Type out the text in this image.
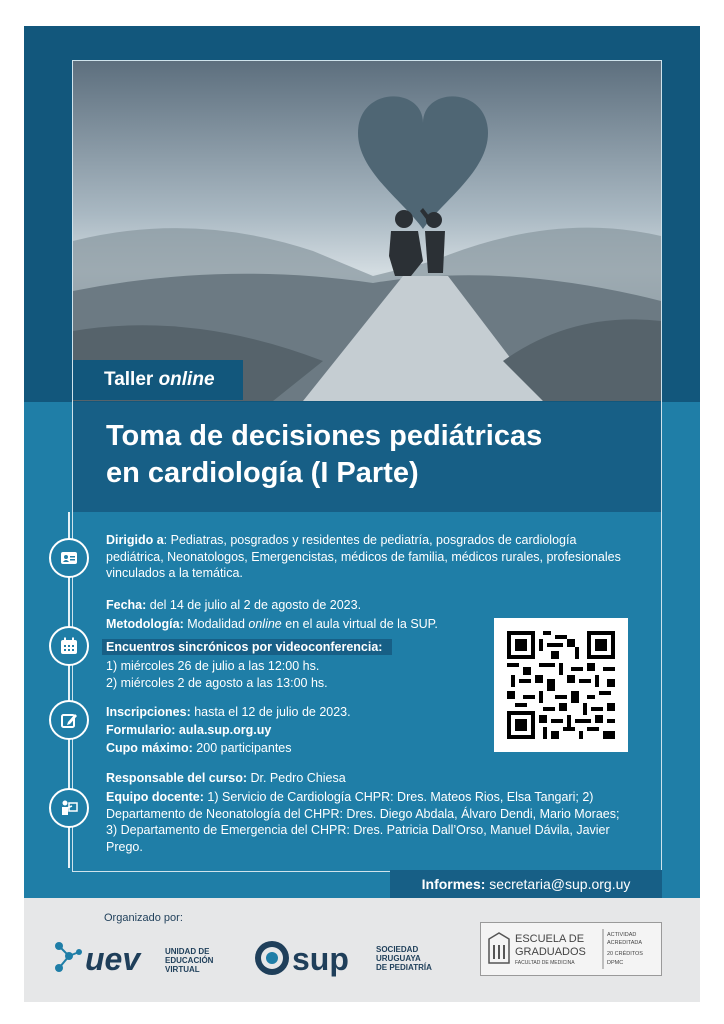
Taller online
Toma de decisiones pediátricas
en cardiología (I Parte)
Dirigido a: Pediatras, posgrados y residentes de pediatría, posgrados de cardiología pediátrica, Neonatologos, Emergencistas, médicos de familia, médicos rurales, profesionales vinculados a la temática.
Fecha: del 14 de julio al 2 de agosto de 2023.
Metodología: Modalidad online en el aula virtual de la SUP.
Encuentros sincrónicos por videoconferencia:
1) miércoles 26 de julio a las 12:00 hs.
2) miércoles 2 de agosto a las 13:00 hs.
Inscripciones: hasta el 12 de julio de 2023.
Formulario: aula.sup.org.uy
Cupo máximo: 200 participantes
Responsable del curso: Dr. Pedro Chiesa
Equipo docente: 1) Servicio de Cardiología CHPR: Dres. Mateos Rios, Elsa Tangari; 2) Departamento de Neonatología del CHPR: Dres. Diego Abdala, Álvaro Dendi, Mario Moraes; 3) Departamento de Emergencia del CHPR: Dres. Patricia Dall’Orso, Manuel Dávila, Javier Prego.
Informes: secretaria@sup.org.uy
Organizado por:
uev	UNIDAD DE
EDUCACIÓN
VIRTUAL	sup	SOCIEDAD
URUGUAYA
DE PEDIATRÍA
ESCUELA DE
GRADUADOS
FACULTAD DE MEDICINA
ACTIVIDAD
ACREDITADA
20 CRÉDITOS
DPMC
